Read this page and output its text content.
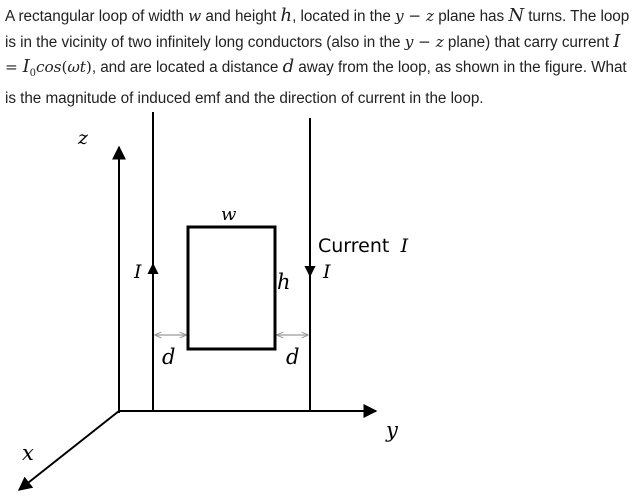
A rectangular loop of width w and height h, located in the y − z plane has N turns. The loop is in the vicinity of two infinitely long conductors (also in the y − z plane) that carry current $I = I_0\cos(\omega t)$, and are located a distance d away from the loop, as shown in the figure. What is the magnitude of induced emf and the direction of current in the loop.

z
y
x
I
Current I
I
w
h
d	d
